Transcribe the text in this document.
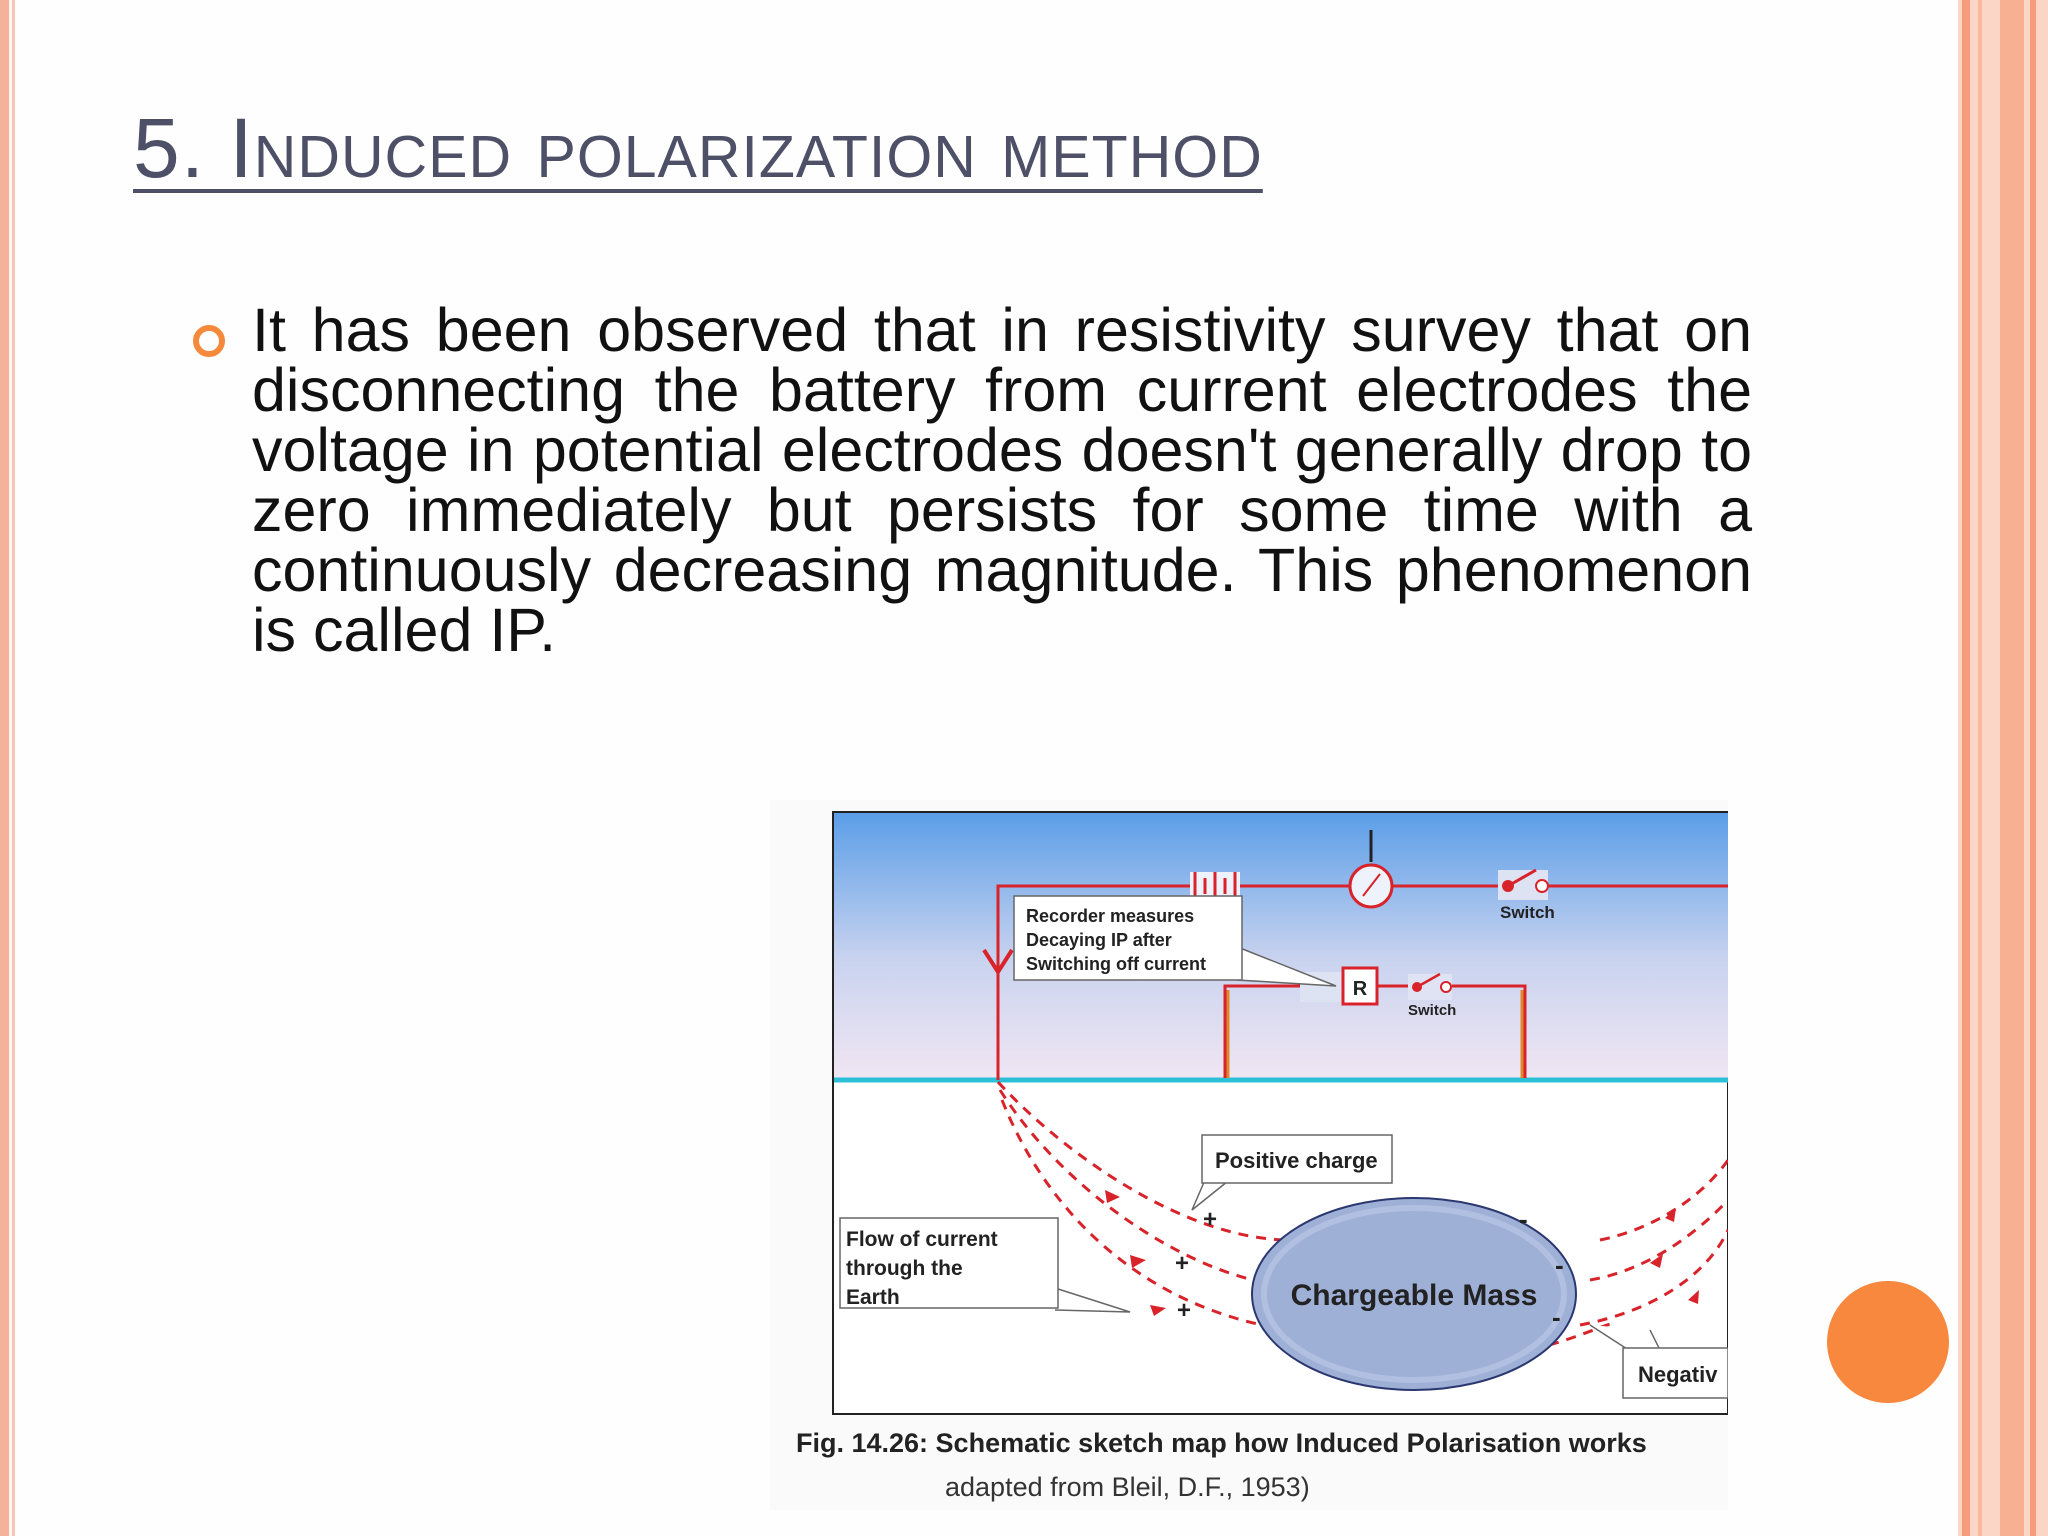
5. Induced polarization method

It has been observed that in resistivity survey that on disconnecting the battery from current electrodes the voltage in potential electrodes doesn't generally drop to zero immediately but persists for some time with a continuously decreasing magnitude. This phenomenon is called IP.

Switch
R
Switch
Recorder measures
Decaying IP after
Switching off current
Chargeable Mass
+
+
+
-
-
-
Positive charge
Flow of current
through the
Earth
Negativ
Fig. 14.26: Schematic sketch map how Induced Polarisation works
adapted from Bleil, D.F., 1953)
